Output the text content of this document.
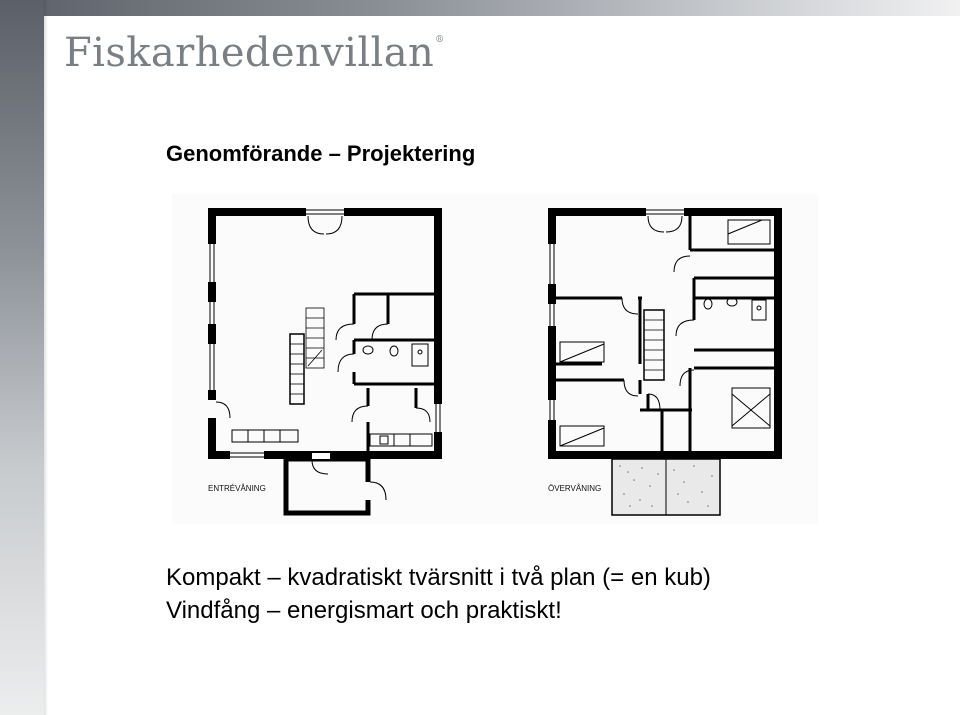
Fiskarhedenvillan®
Genomförande – Projektering
ENTRÉVÅNING	ÖVERVÅNING
Kompakt – kvadratiskt tvärsnitt i två plan (= en kub)
Vindfång – energismart och praktiskt!
